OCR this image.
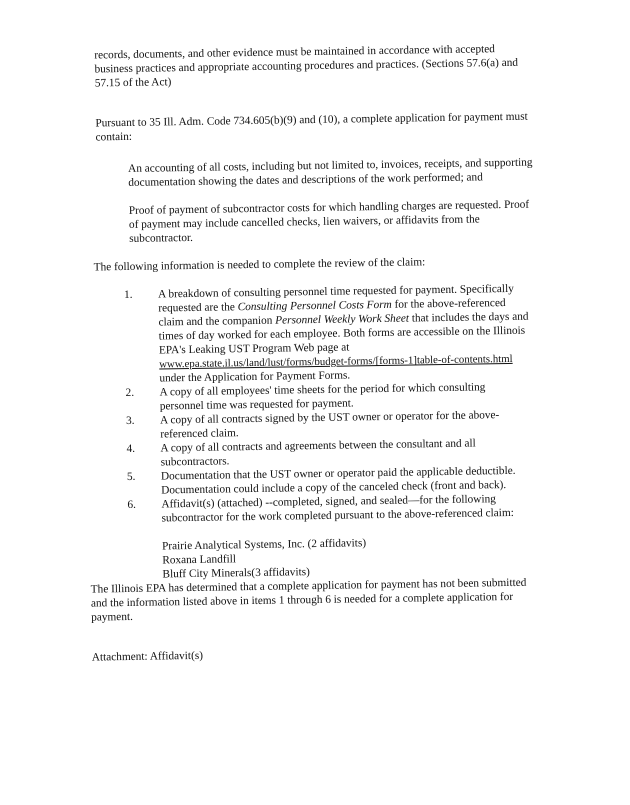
records, documents, and other evidence must be maintained in accordance with accepted

business practices and appropriate accounting procedures and practices. (Sections 57.6(a) and

57.15 of the Act)

Pursuant to 35 Ill. Adm. Code 734.605(b)(9) and (10), a complete application for payment must

contain:

An accounting of all costs, including but not limited to, invoices, receipts, and supporting

documentation showing the dates and descriptions of the work performed; and

Proof of payment of subcontractor costs for which handling charges are requested. Proof

of payment may include cancelled checks, lien waivers, or affidavits from the

subcontractor.

The following information is needed to complete the review of the claim:

1.	A breakdown of consulting personnel time requested for payment. Specifically

requested are the Consulting Personnel Costs Form for the above-referenced

claim and the companion Personnel Weekly Work Sheet that includes the days and

times of day worked for each employee. Both forms are accessible on the Illinois

EPA's Leaking UST Program Web page at

www.epa.state.il.us/land/lust/forms/budget-forms/[forms-1]table-of-contents.html

under the Application for Payment Forms.

2.	A copy of all employees' time sheets for the period for which consulting

personnel time was requested for payment.

3.	A copy of all contracts signed by the UST owner or operator for the above-

referenced claim.

4.	A copy of all contracts and agreements between the consultant and all

subcontractors.

5.	Documentation that the UST owner or operator paid the applicable deductible.

Documentation could include a copy of the canceled check (front and back).

6.	Affidavit(s) (attached) --completed, signed, and sealed—for the following

subcontractor for the work completed pursuant to the above-referenced claim:

Prairie Analytical Systems, Inc. (2 affidavits)

Roxana Landfill

Bluff City Minerals(3 affidavits)

The Illinois EPA has determined that a complete application for payment has not been submitted

and the information listed above in items 1 through 6 is needed for a complete application for

payment.

Attachment: Affidavit(s)
